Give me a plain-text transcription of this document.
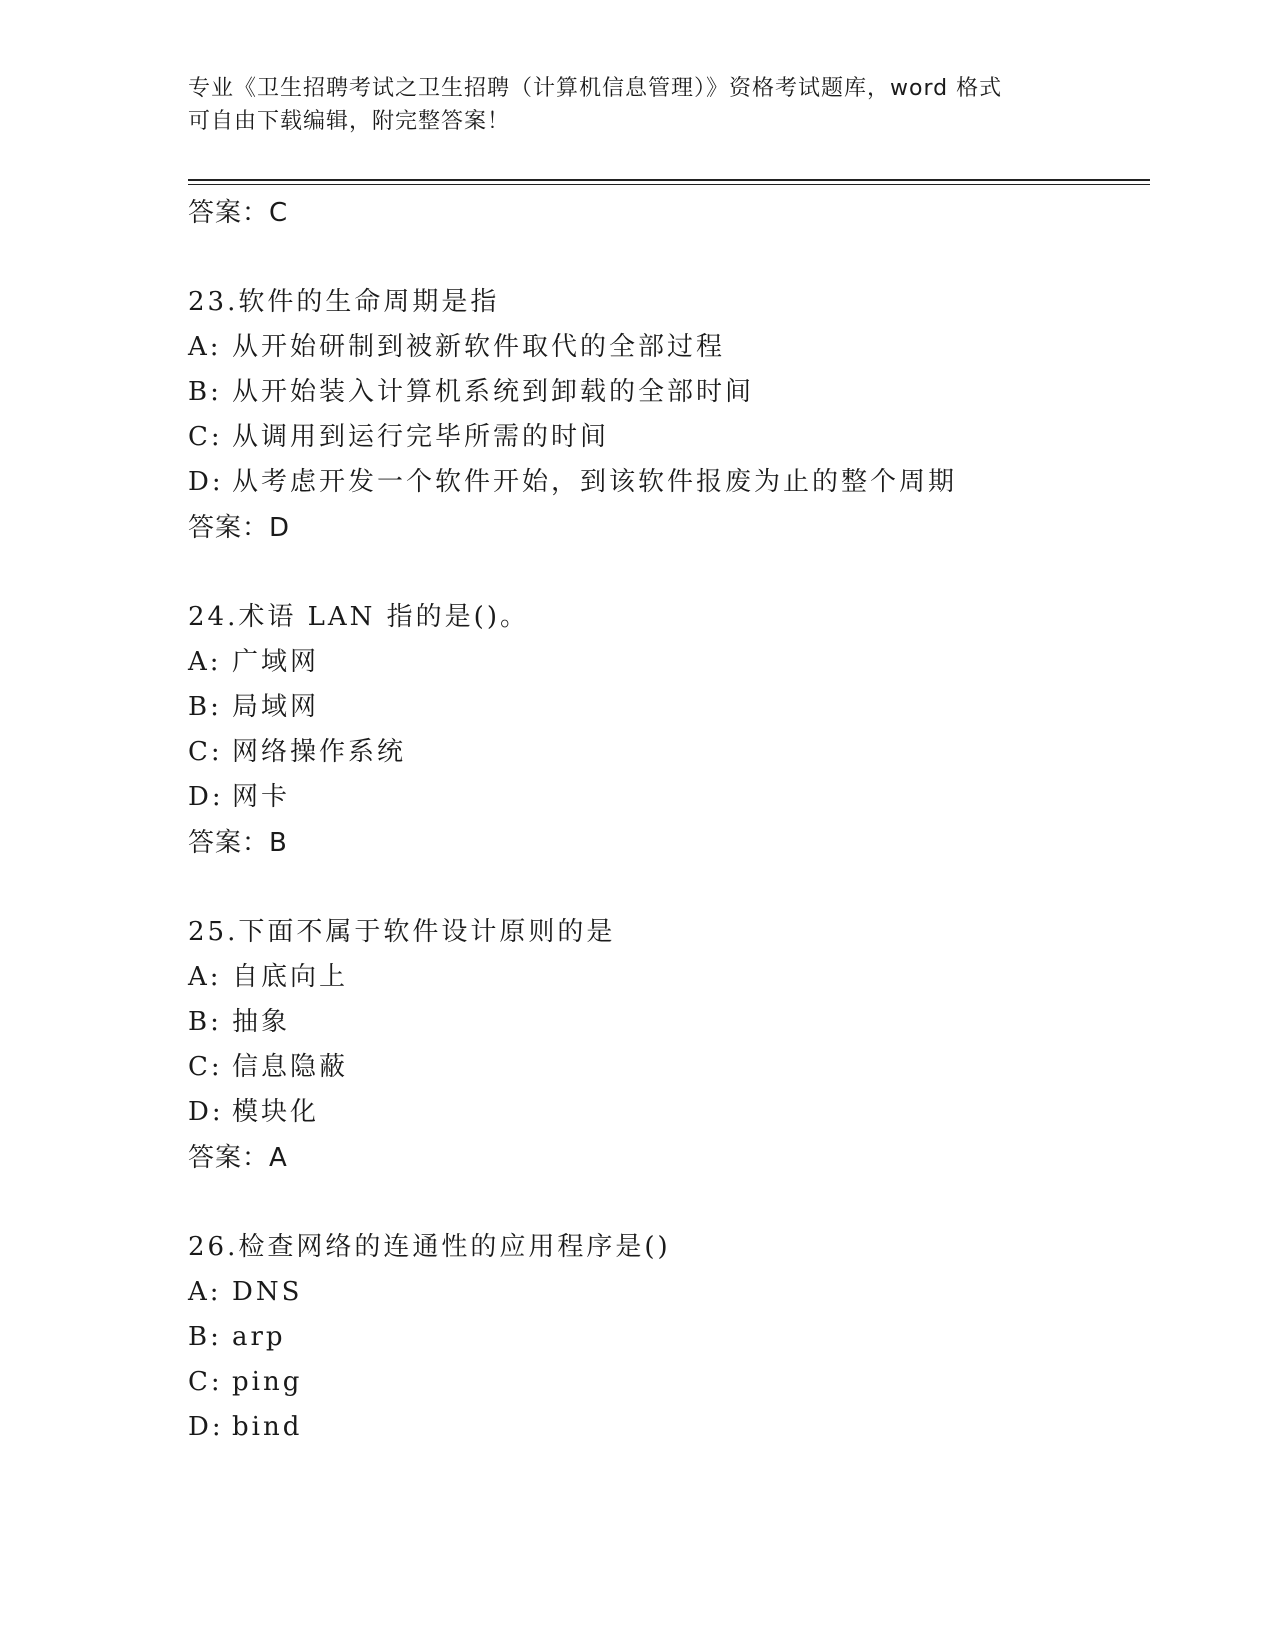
专业《卫生招聘考试之卫生招聘（计算机信息管理）》资格考试题库，word 格式
可自由下载编辑，附完整答案！
答案：C
23.软件的生命周期是指
A: 从开始研制到被新软件取代的全部过程
B: 从开始装入计算机系统到卸载的全部时间
C: 从调用到运行完毕所需的时间
D: 从考虑开发一个软件开始，到该软件报废为止的整个周期
答案：D
24.术语 LAN 指的是()。
A: 广域网
B: 局域网
C: 网络操作系统
D: 网卡
答案：B
25.下面不属于软件设计原则的是
A: 自底向上
B: 抽象
C: 信息隐蔽
D: 模块化
答案：A
26.检查网络的连通性的应用程序是()
A: DNS
B: arp
C: ping
D: bind
